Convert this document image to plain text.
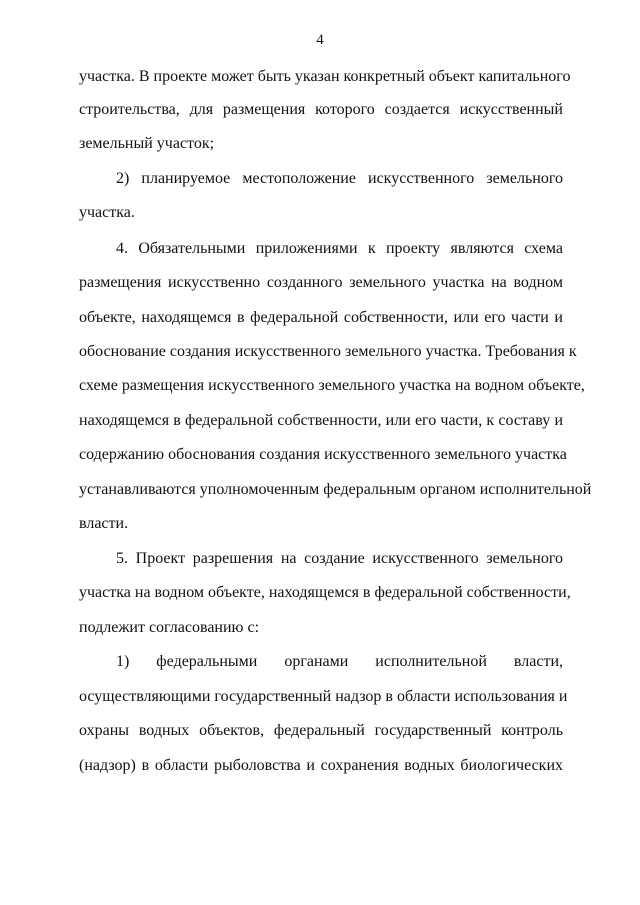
4
участка. В проекте может быть указан конкретный объект капитального
строительства, для размещения которого создается искусственный
земельный участок;
2) планируемое местоположение искусственного земельного
участка.
4. Обязательными приложениями к проекту являются схема
размещения искусственно созданного земельного участка на водном
объекте, находящемся в федеральной собственности, или его части и
обоснование создания искусственного земельного участка. Требования к
схеме размещения искусственного земельного участка на водном объекте,
находящемся в федеральной собственности, или его части, к составу и
содержанию обоснования создания искусственного земельного участка
устанавливаются уполномоченным федеральным органом исполнительной
власти.
5. Проект разрешения на создание искусственного земельного
участка на водном объекте, находящемся в федеральной собственности,
подлежит согласованию с:
1) федеральными органами исполнительной власти,
осуществляющими государственный надзор в области использования и
охраны водных объектов, федеральный государственный контроль
(надзор) в области рыболовства и сохранения водных биологических
